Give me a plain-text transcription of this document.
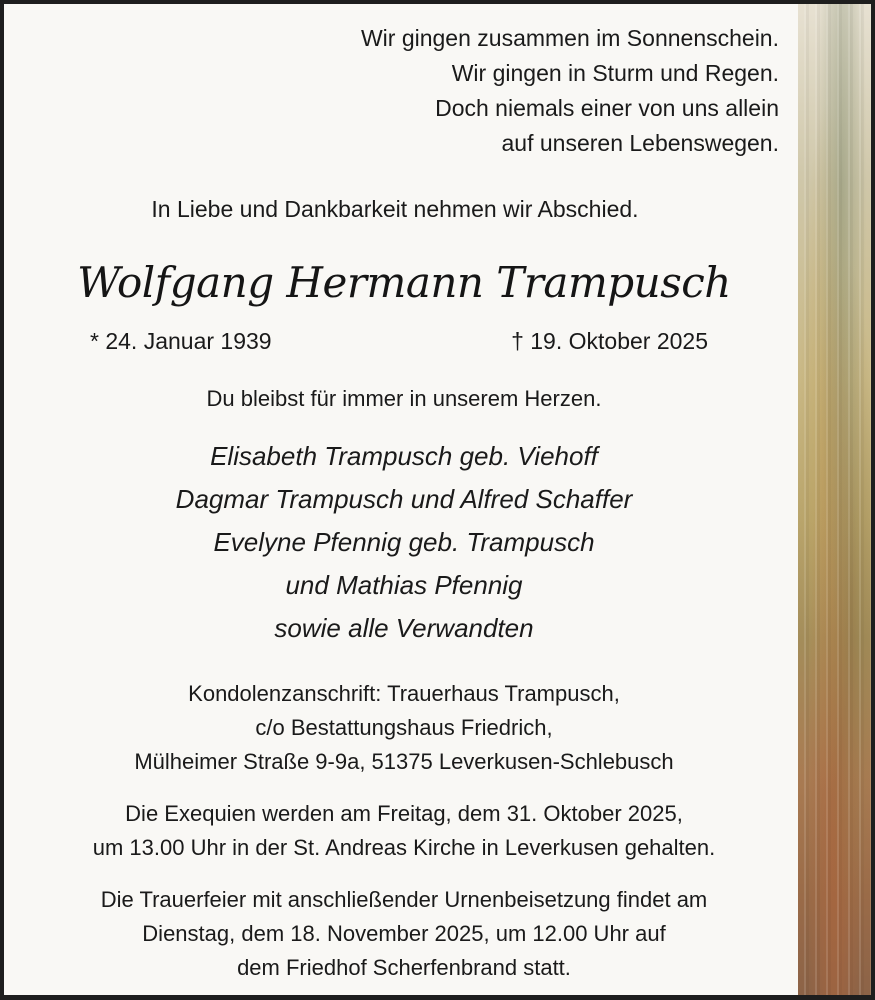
Wir gingen zusammen im Sonnenschein.
Wir gingen in Sturm und Regen.
Doch niemals einer von uns allein
auf unseren Lebenswegen.
In Liebe und Dankbarkeit nehmen wir Abschied.
Wolfgang Hermann Trampusch
* 24. Januar 1939	† 19. Oktober 2025
Du bleibst für immer in unserem Herzen.
Elisabeth Trampusch geb. Viehoff
Dagmar Trampusch und Alfred Schaffer
Evelyne Pfennig geb. Trampusch
und Mathias Pfennig
sowie alle Verwandten
Kondolenzanschrift: Trauerhaus Trampusch,
c/o Bestattungshaus Friedrich,
Mülheimer Straße 9-9a, 51375 Leverkusen-Schlebusch
Die Exequien werden am Freitag, dem 31. Oktober 2025,
um 13.00 Uhr in der St. Andreas Kirche in Leverkusen gehalten.
Die Trauerfeier mit anschließender Urnenbeisetzung findet am
Dienstag, dem 18. November 2025, um 12.00 Uhr auf
dem Friedhof Scherfenbrand statt.
